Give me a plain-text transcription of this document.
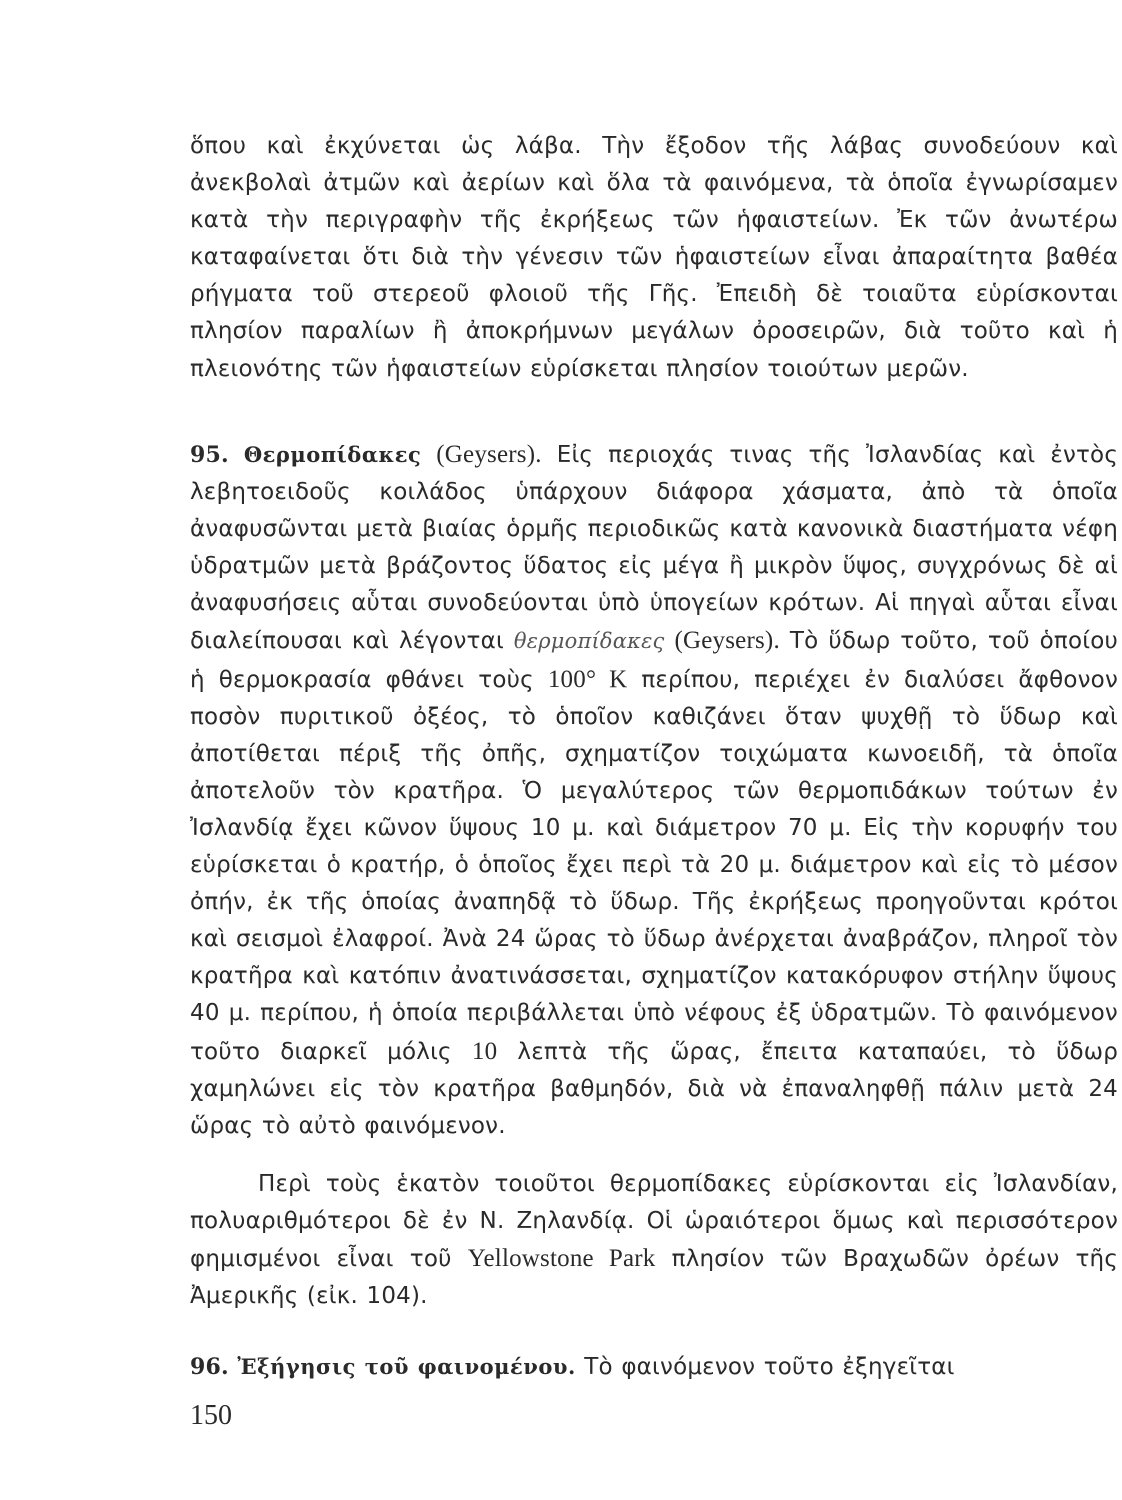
ὅπου καὶ ἐκχύνεται ὡς λάβα. Τὴν ἔξοδον τῆς λάβας συνοδεύουν καὶ ἀνεκβολαὶ ἀτμῶν καὶ ἀερίων καὶ ὅλα τὰ φαινόμενα, τὰ ὁποῖα ἐγνωρίσαμεν κατὰ τὴν περιγραφὴν τῆς ἐκρήξεως τῶν ἡφαιστείων. Ἐκ τῶν ἀνωτέρω καταφαίνεται ὅτι διὰ τὴν γένεσιν τῶν ἡφαιστείων εἶναι ἀπαραίτητα βαθέα ρήγματα τοῦ στερεοῦ φλοιοῦ τῆς Γῆς. Ἐπειδὴ δὲ τοιαῦτα εὑρίσκονται πλησίον παραλίων ἢ ἀποκρήμνων μεγάλων ὀροσειρῶν, διὰ τοῦτο καὶ ἡ πλειονότης τῶν ἡφαιστείων εὑρίσκεται πλησίον τοιούτων μερῶν.

95. Θερμοπίδακες (Geysers). Εἰς περιοχάς τινας τῆς Ἰσλανδίας καὶ ἐντὸς λεβητοειδοῦς κοιλάδος ὑπάρχουν διάφορα χάσματα, ἀπὸ τὰ ὁποῖα ἀναφυσῶνται μετὰ βιαίας ὁρμῆς περιοδικῶς κατὰ κανονικὰ διαστήματα νέφη ὑδρατμῶν μετὰ βράζοντος ὕδατος εἰς μέγα ἢ μικρὸν ὕψος, συγχρόνως δὲ αἱ ἀναφυσήσεις αὗται συνοδεύονται ὑπὸ ὑπογείων κρότων. Αἱ πηγαὶ αὗται εἶναι διαλείπουσαι καὶ λέγονται θερμοπίδακες (Geysers). Τὸ ὕδωρ τοῦτο, τοῦ ὁποίου ἡ θερμοκρασία φθάνει τοὺς 100° Κ περίπου, περιέχει ἐν διαλύσει ἄφθονον ποσὸν πυριτικοῦ ὀξέος, τὸ ὁποῖον καθιζάνει ὅταν ψυχθῇ τὸ ὕδωρ καὶ ἀποτίθεται πέριξ τῆς ὀπῆς, σχηματίζον τοιχώματα κωνοειδῆ, τὰ ὁποῖα ἀποτελοῦν τὸν κρατῆρα. Ὁ μεγαλύτερος τῶν θερμοπιδάκων τούτων ἐν Ἰσλανδίᾳ ἔχει κῶνον ὕψους 10 μ. καὶ διάμετρον 70 μ. Εἰς τὴν κορυφήν του εὑρίσκεται ὁ κρατήρ, ὁ ὁποῖος ἔχει περὶ τὰ 20 μ. διάμετρον καὶ εἰς τὸ μέσον ὀπήν, ἐκ τῆς ὁποίας ἀναπηδᾷ τὸ ὕδωρ. Τῆς ἐκρήξεως προηγοῦνται κρότοι καὶ σεισμοὶ ἐλαφροί. Ἀνὰ 24 ὥρας τὸ ὕδωρ ἀνέρχεται ἀναβράζον, πληροῖ τὸν κρατῆρα καὶ κατόπιν ἀνατινάσσεται, σχηματίζον κατακόρυφον στήλην ὕψους 40 μ. περίπου, ἡ ὁποία περιβάλλεται ὑπὸ νέφους ἐξ ὑδρατμῶν. Τὸ φαινόμενον τοῦτο διαρκεῖ μόλις 10 λεπτὰ τῆς ὥρας, ἔπειτα καταπαύει, τὸ ὕδωρ χαμηλώνει εἰς τὸν κρατῆρα βαθμηδόν, διὰ νὰ ἐπαναληφθῇ πάλιν μετὰ 24 ὥρας τὸ αὐτὸ φαινόμενον.

Περὶ τοὺς ἑκατὸν τοιοῦτοι θερμοπίδακες εὑρίσκονται εἰς Ἰσλανδίαν, πολυαριθμότεροι δὲ ἐν Ν. Ζηλανδίᾳ. Οἱ ὡραιότεροι ὅμως καὶ περισσότερον φημισμένοι εἶναι τοῦ Yellowstone Park πλησίον τῶν Βραχωδῶν ὀρέων τῆς Ἀμερικῆς (εἰκ. 104).

96. Ἐξήγησις τοῦ φαινομένου. Τὸ φαινόμενον τοῦτο ἐξηγεῖται

150
